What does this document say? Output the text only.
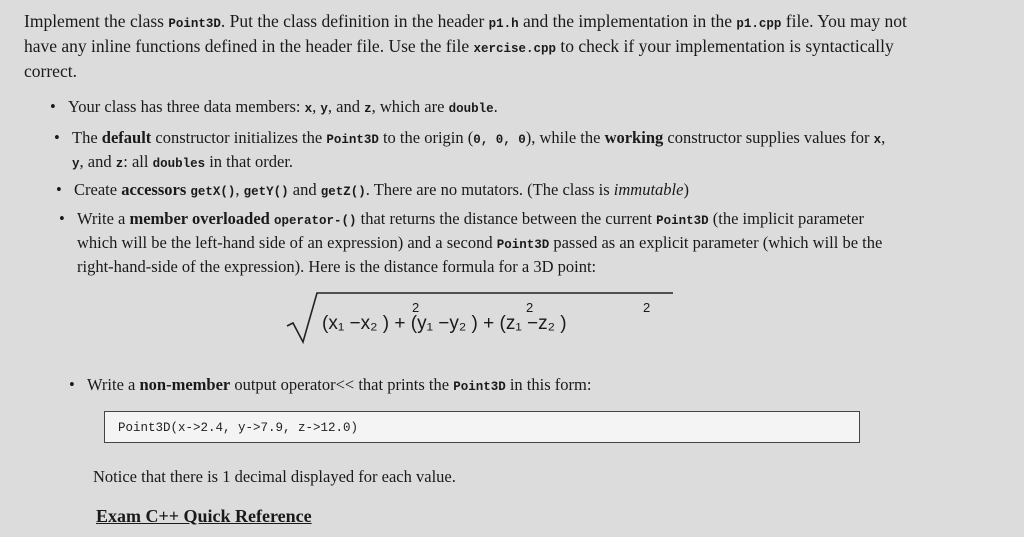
Implement the class Point3D. Put the class definition in the header p1.h and the implementation in the p1.cpp file. You may not have any inline functions defined in the header file. Use the file xercise.cpp to check if your implementation is syntactically correct.
• Your class has three data members: x, y, and z, which are double.
• The default constructor initializes the Point3D to the origin (0, 0, 0), while the working constructor supplies values for x, y, and z: all doubles in that order.
• Create accessors getX(), getY() and getZ(). There are no mutators. (The class is immutable)
• Write a member overloaded operator-() that returns the distance between the current Point3D (the implicit parameter which will be the left-hand side of an expression) and a second Point3D passed as an explicit parameter (which will be the right-hand-side of the expression). Here is the distance formula for a 3D point:
(x₁ −x₂ ) + (y₁ −y₂ ) + (z₁ −z₂ )
2	2	2
• Write a non-member output operator<< that prints the Point3D in this form:
Point3D(x->2.4, y->7.9, z->12.0)
Notice that there is 1 decimal displayed for each value.
Exam C++ Quick Reference
